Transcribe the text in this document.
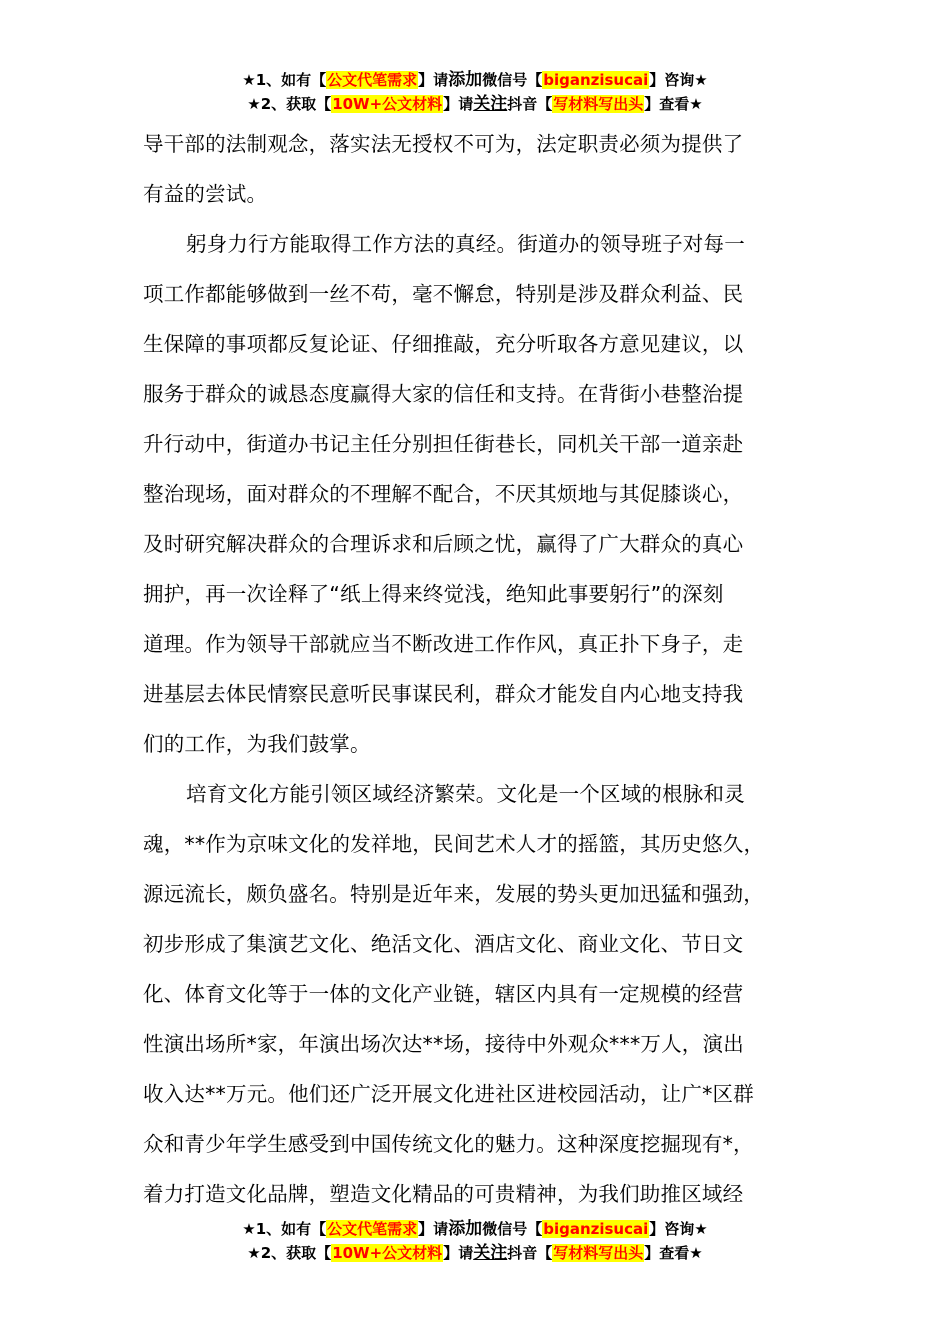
★1、如有【公文代笔需求】请添加微信号【biganzisucai】咨询★
★2、获取【10W+公文材料】请关注抖音【写材料写出头】查看★

导干部的法制观念，落实法无授权不可为，法定职责必须为提供了
有益的尝试。

躬身力行方能取得工作方法的真经。街道办的领导班子对每一
项工作都能够做到一丝不苟，毫不懈怠，特别是涉及群众利益、民
生保障的事项都反复论证、仔细推敲，充分听取各方意见建议，以
服务于群众的诚恳态度赢得大家的信任和支持。在背街小巷整治提
升行动中，街道办书记主任分别担任街巷长，同机关干部一道亲赴
整治现场，面对群众的不理解不配合，不厌其烦地与其促膝谈心，
及时研究解决群众的合理诉求和后顾之忧，赢得了广大群众的真心
拥护，再一次诠释了“纸上得来终觉浅，绝知此事要躬行”的深刻
道理。作为领导干部就应当不断改进工作作风，真正扑下身子，走
进基层去体民情察民意听民事谋民利，群众才能发自内心地支持我
们的工作，为我们鼓掌。

培育文化方能引领区域经济繁荣。文化是一个区域的根脉和灵
魂，**作为京味文化的发祥地，民间艺术人才的摇篮，其历史悠久，
源远流长，颇负盛名。特别是近年来，发展的势头更加迅猛和强劲，
初步形成了集演艺文化、绝活文化、酒店文化、商业文化、节日文
化、体育文化等于一体的文化产业链，辖区内具有一定规模的经营
性演出场所*家，年演出场次达**场，接待中外观众***万人，演出
收入达**万元。他们还广泛开展文化进社区进校园活动，让广*区群
众和青少年学生感受到中国传统文化的魅力。这种深度挖掘现有*，
着力打造文化品牌，塑造文化精品的可贵精神，为我们助推区域经

★1、如有【公文代笔需求】请添加微信号【biganzisucai】咨询★
★2、获取【10W+公文材料】请关注抖音【写材料写出头】查看★
